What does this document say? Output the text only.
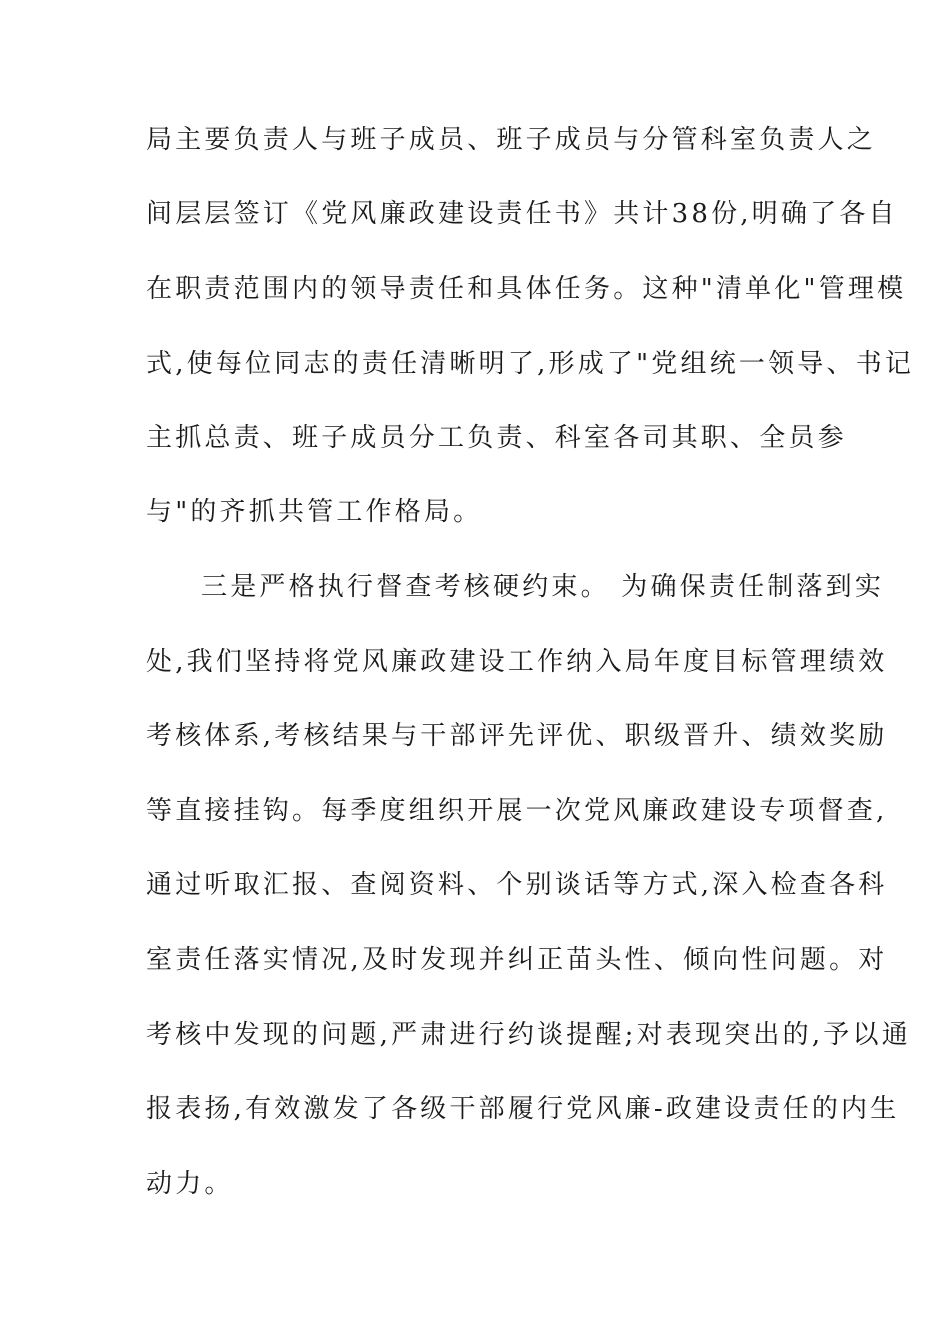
局主要负责人与班子成员、班子成员与分管科室负责人之
间层层签订《党风廉政建设责任书》共计38份,明确了各自
在职责范围内的领导责任和具体任务。这种"清单化"管理模
式,使每位同志的责任清晰明了,形成了"党组统一领导、书记
主抓总责、班子成员分工负责、科室各司其职、全员参
与"的齐抓共管工作格局。
三是严格执行督查考核硬约束。 为确保责任制落到实
处,我们坚持将党风廉政建设工作纳入局年度目标管理绩效
考核体系,考核结果与干部评先评优、职级晋升、绩效奖励
等直接挂钩。每季度组织开展一次党风廉政建设专项督查,
通过听取汇报、查阅资料、个别谈话等方式,深入检查各科
室责任落实情况,及时发现并纠正苗头性、倾向性问题。对
考核中发现的问题,严肃进行约谈提醒;对表现突出的,予以通
报表扬,有效激发了各级干部履行党风廉-政建设责任的内生
动力。
